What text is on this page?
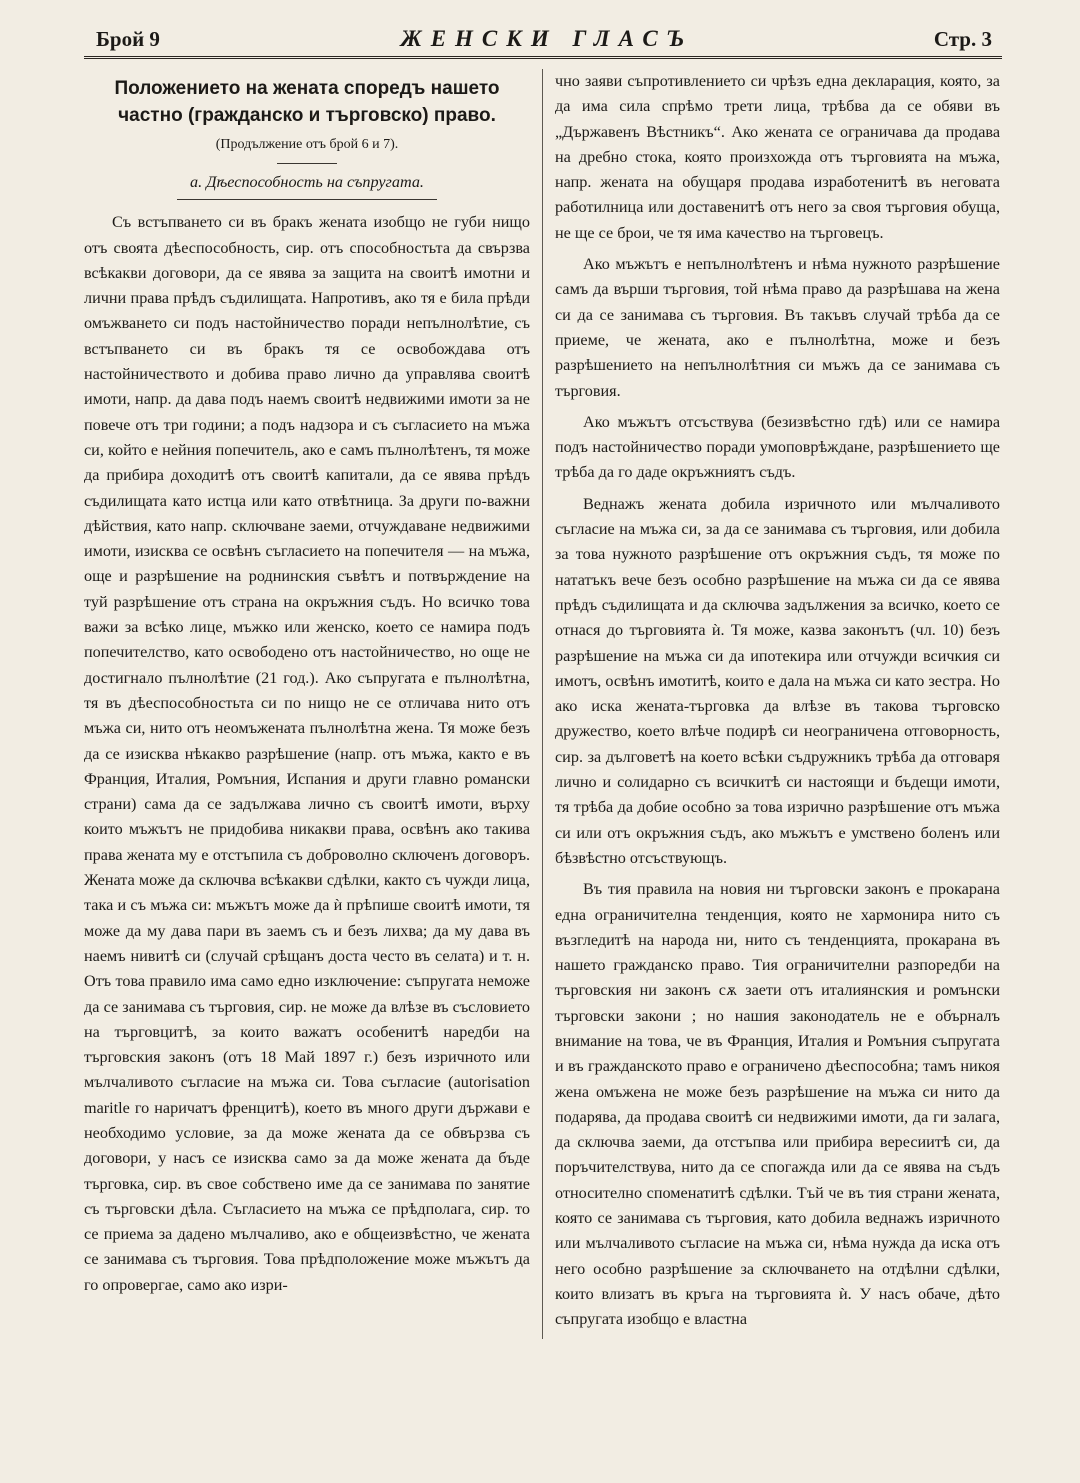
Брой 9	ЖЕНСКИ ГЛАСЪ	Стр. 3
Положението на жената споредъ нашето частно (гражданско и търговско) право.
(Продължение отъ брой 6 и 7).
а. Дѣеспособность на съпругата.

Съ встъпването си въ бракъ жената изобщо не губи нищо отъ своята дѣеспособность, сир. отъ способностьта да свързва всѣкакви договори, да се явява за защита на своитѣ имотни и лични права прѣдъ съдилищата. Напротивъ, ако тя е била прѣди омъжването си подъ настойничество поради непълнолѣтие, съ встъпването си въ бракъ тя се освобождава отъ настойничеството и добива право лично да управлява своитѣ имоти, напр. да дава подъ наемъ своитѣ недвижими имоти за не повече отъ три години; а подъ надзора и съ съгласието на мъжа си, който е нейния попечитель, ако е самъ пълнолѣтенъ, тя може да прибира доходитѣ отъ своитѣ капитали, да се явява прѣдъ съдилищата като истца или като отвѣтница. За други по-важни дѣйствия, като напр. сключване заеми, отчуждаване недвижими имоти, изисква се освѣнъ съгласието на попечителя — на мъжа, още и разрѣшение на роднинския съвѣтъ и потвърждение на туй разрѣшение отъ страна на окръжния съдъ. Но всичко това важи за всѣко лице, мъжко или женско, което се намира подъ попечителство, като освободено отъ настойничество, но още не достигнало пълнолѣтие (21 год.). Ако съпругата е пълнолѣтна, тя въ дѣеспособностьта си по нищо не се отличава нито отъ мъжа си, нито отъ неомъжената пълнолѣтна жена. Тя може безъ да се изисква нѣкакво разрѣшение (напр. отъ мъжа, както е въ Франция, Италия, Ромъния, Испания и други главно романски страни) сама да се задължава лично съ своитѣ имоти, върху които мъжътъ не придобива никакви права, освѣнъ ако такива права жената му е отстъпила съ доброволно сключенъ договоръ. Жената може да сключва всѣкакви сдѣлки, както съ чужди лица, така и съ мъжа си: мъжътъ може да ѝ прѣпише своитѣ имоти, тя може да му дава пари въ заемъ съ и безъ лихва; да му дава въ наемъ нивитѣ си (случай срѣщанъ доста често въ селата) и т. н. Отъ това правило има само едно изключение: съпругата неможе да се занимава съ търговия, сир. не може да влѣзе въ съсловието на търговцитѣ, за които важатъ особенитѣ наредби на търговския законъ (отъ 18 Май 1897 г.) безъ изричното или мълчаливото съгласие на мъжа си. Това съгласие (autorisation maritle го наричатъ френцитѣ), което въ много други държави е необходимо условие, за да може жената да се обвързва съ договори, у насъ се изисква само за да може жената да бъде търговка, сир. въ свое собствено име да се занимава по занятие съ търговски дѣла. Съгласието на мъжа се прѣдполага, сир. то се приема за дадено мълчаливо, ако е общеизвѣстно, че жената се занимава съ търговия. Това прѣдположение може мъжътъ да го опровергае, само ако изри-

чно заяви съпротивлението си чрѣзъ една декларация, която, за да има сила спрѣмо трети лица, трѣбва да се обяви въ „Държавенъ Вѣстникъ“. Ако жената се ограничава да продава на дребно стока, която произхожда отъ търговията на мъжа, напр. жената на обущаря продава изработенитѣ въ неговата работилница или доставенитѣ отъ него за своя търговия обуща, не ще се брои, че тя има качество на търговецъ.

Ако мъжътъ е непълнолѣтенъ и нѣма нужното разрѣшение самъ да върши търговия, той нѣма право да разрѣшава на жена си да се занимава съ търговия. Въ такъвъ случай трѣба да се приеме, че жената, ако е пълнолѣтна, може и безъ разрѣшението на непълнолѣтния си мъжъ да се занимава съ търговия.

Ако мъжътъ отсъствува (безизвѣстно гдѣ) или се намира подъ настойничество поради умоповрѣждане, разрѣшението ще трѣба да го даде окръжниятъ съдъ.

Веднажъ жената добила изричното или мълчаливото съгласие на мъжа си, за да се занимава съ търговия, или добила за това нужното разрѣшение отъ окръжния съдъ, тя може по нататъкъ вече безъ особно разрѣшение на мъжа си да се явява прѣдъ съдилищата и да сключва задължения за всичко, което се отнася до търговията ѝ. Тя може, казва законътъ (чл. 10) безъ разрѣшение на мъжа си да ипотекира или отчужди всичкия си имотъ, освѣнъ имотитѣ, които е дала на мъжа си като зестра. Но ако иска жената-търговка да влѣзе въ такова търговско дружество, което влѣче подирѣ си неограничена отговорность, сир. за дълговетѣ на което всѣки съдружникъ трѣба да отговаря лично и солидарно съ всичкитѣ си настоящи и бъдещи имоти, тя трѣба да добие особно за това изрично разрѣшение отъ мъжа си или отъ окръжния съдъ, ако мъжътъ е умствено боленъ или бѣзвѣстно отсъствующъ.

Въ тия правила на новия ни търговски законъ е прокарана една ограничителна тенденция, която не хармонира нито съ възгледитѣ на народа ни, нито съ тенденцията, прокарана въ нашето гражданско право. Тия ограничителни разпоредби на търговския ни законъ сѫ заети отъ италиянския и ромънски търговски закони ; но нашия законодатель не е обърналъ внимание на това, че въ Франция, Италия и Ромъния съпругата и въ гражданското право е ограничено дѣеспособна; тамъ никоя жена омъжена не може безъ разрѣшение на мъжа си нито да подарява, да продава своитѣ си недвижими имоти, да ги залага, да сключва заеми, да отстъпва или прибира вересиитѣ си, да поръчителствува, нито да се спогажда или да се явява на съдъ относително споменатитѣ сдѣлки. Тъй че въ тия страни жената, която се занимава съ търговия, като добила веднажъ изричното или мълчаливото съгласие на мъжа си, нѣма нужда да иска отъ него особно разрѣшение за сключването на отдѣлни сдѣлки, които влизатъ въ кръга на търговията ѝ. У насъ обаче, дѣто съпругата изобщо е властна
